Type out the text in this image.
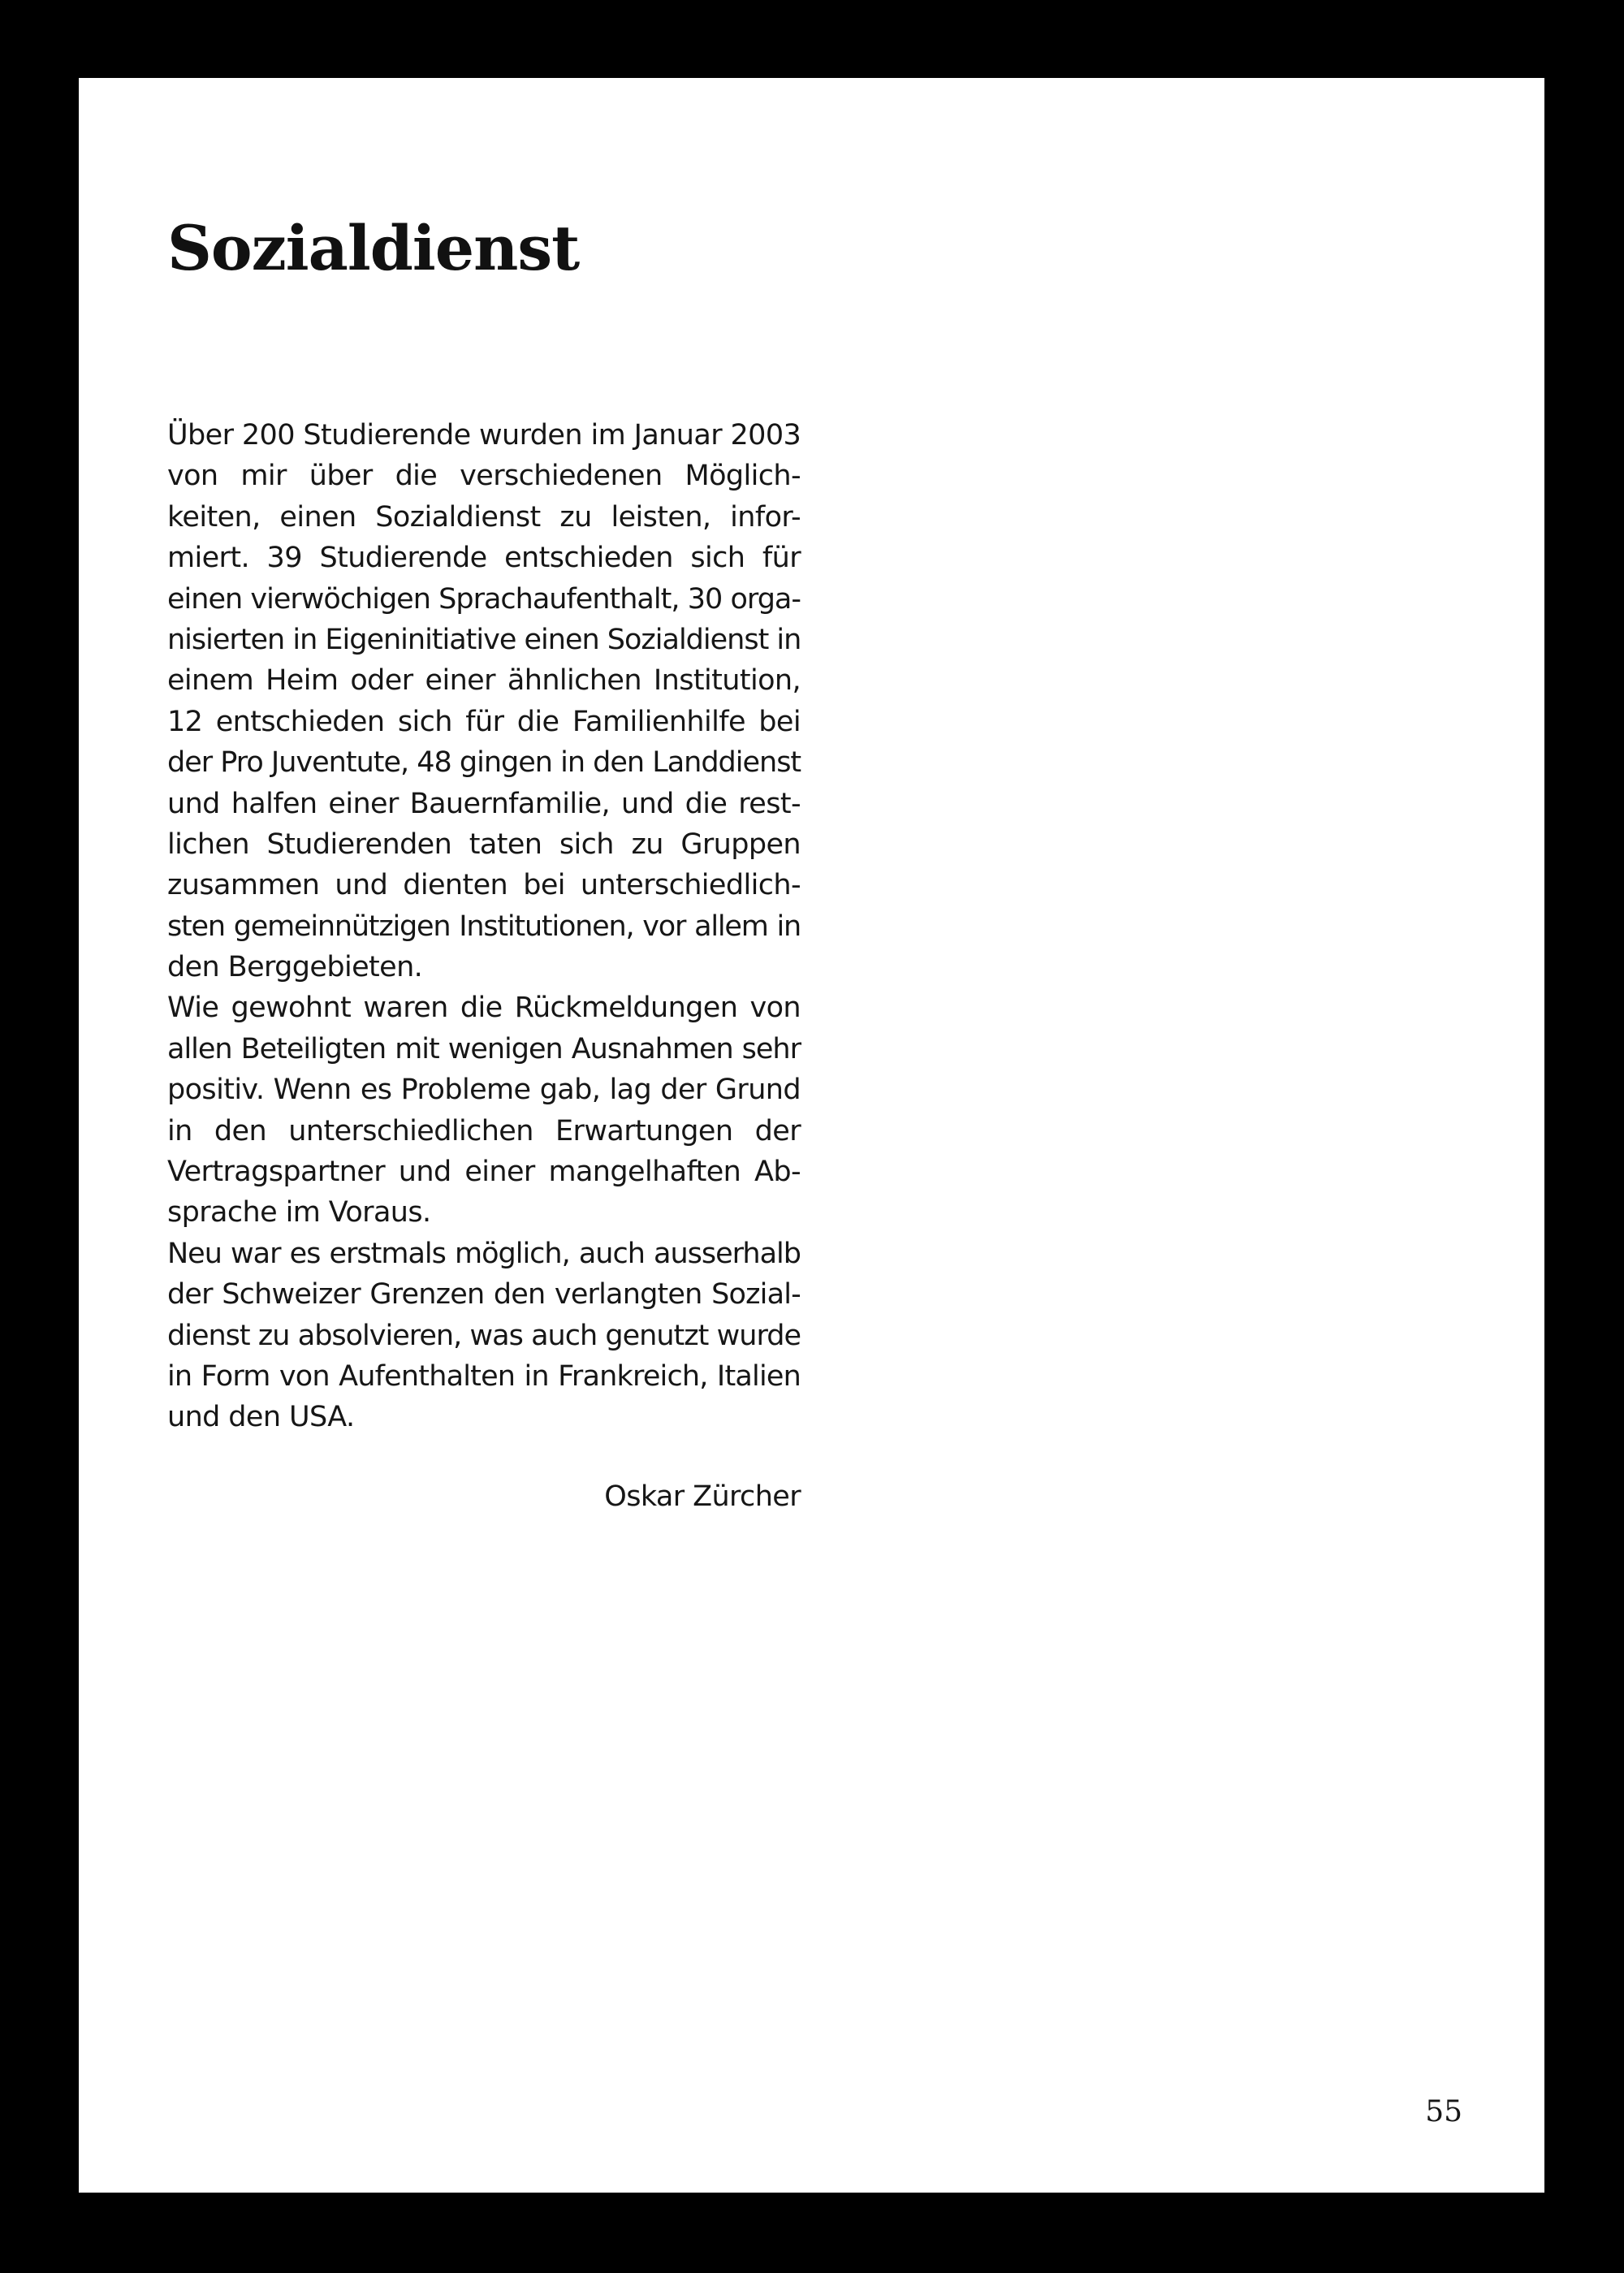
Sozialdienst
Über 200 Studierende wurden im Januar 2003
von mir über die verschiedenen Möglich-
keiten, einen Sozialdienst zu leisten, infor-
miert. 39 Studierende entschieden sich für
einen vierwöchigen Sprachaufenthalt, 30 orga-
nisierten in Eigeninitiative einen Sozialdienst in
einem Heim oder einer ähnlichen Institution,
12 entschieden sich für die Familienhilfe bei
der Pro Juventute, 48 gingen in den Landdienst
und halfen einer Bauernfamilie, und die rest-
lichen Studierenden taten sich zu Gruppen
zusammen und dienten bei unterschiedlich-
sten gemeinnützigen Institutionen, vor allem in
den Berggebieten.
Wie gewohnt waren die Rückmeldungen von
allen Beteiligten mit wenigen Ausnahmen sehr
positiv. Wenn es Probleme gab, lag der Grund
in den unterschiedlichen Erwartungen der
Vertragspartner und einer mangelhaften Ab-
sprache im Voraus.
Neu war es erstmals möglich, auch ausserhalb
der Schweizer Grenzen den verlangten Sozial-
dienst zu absolvieren, was auch genutzt wurde
in Form von Aufenthalten in Frankreich, Italien
und den USA.
Oskar Zürcher
55
